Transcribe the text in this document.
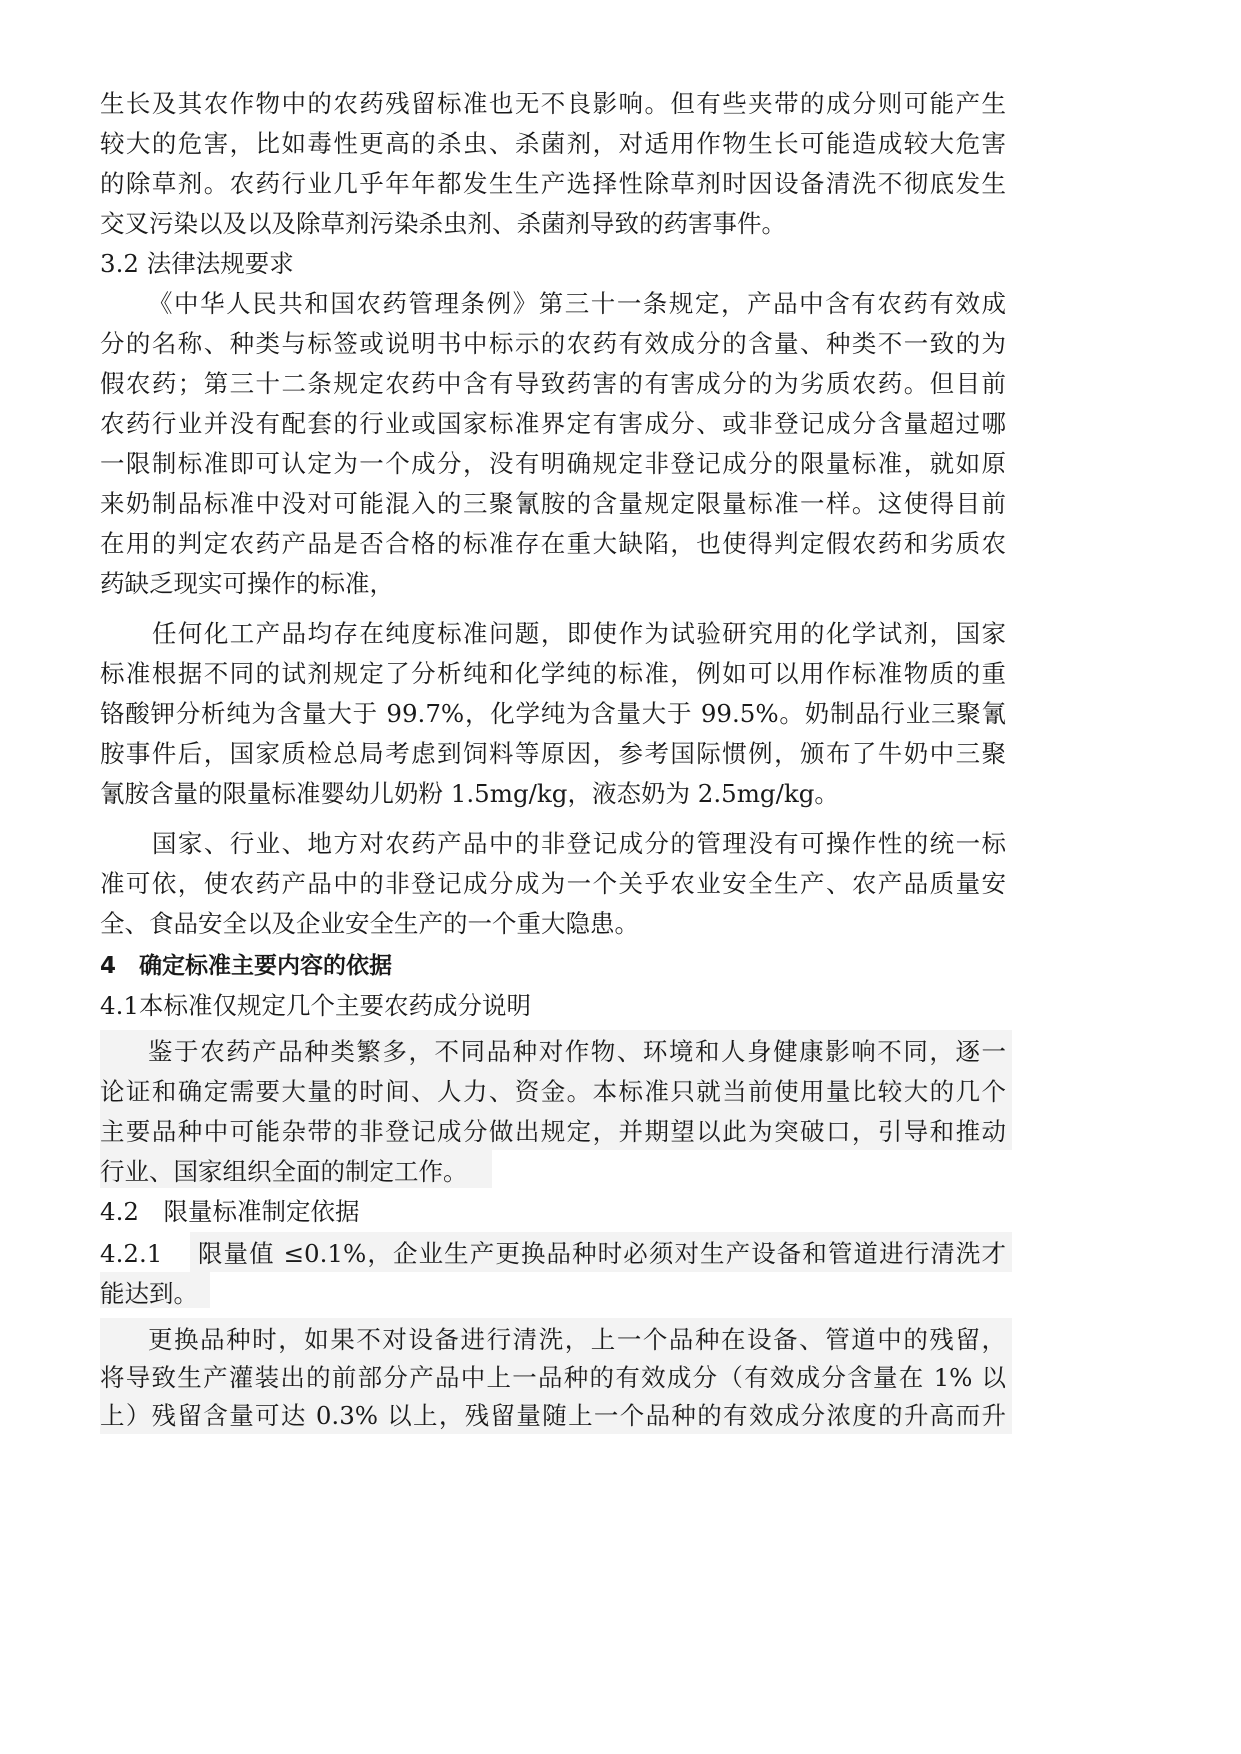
生长及其农作物中的农药残留标准也无不良影响。但有些夹带的成分则可能产生
较大的危害，比如毒性更高的杀虫、杀菌剂，对适用作物生长可能造成较大危害
的除草剂。农药行业几乎年年都发生生产选择性除草剂时因设备清洗不彻底发生
交叉污染以及以及除草剂污染杀虫剂、杀菌剂导致的药害事件。
3.2 法律法规要求
《中华人民共和国农药管理条例》第三十一条规定，产品中含有农药有效成
分的名称、种类与标签或说明书中标示的农药有效成分的含量、种类不一致的为
假农药；第三十二条规定农药中含有导致药害的有害成分的为劣质农药。但目前
农药行业并没有配套的行业或国家标准界定有害成分、或非登记成分含量超过哪
一限制标准即可认定为一个成分，没有明确规定非登记成分的限量标准，就如原
来奶制品标准中没对可能混入的三聚氰胺的含量规定限量标准一样。这使得目前
在用的判定农药产品是否合格的标准存在重大缺陷，也使得判定假农药和劣质农
药缺乏现实可操作的标准，
任何化工产品均存在纯度标准问题，即使作为试验研究用的化学试剂，国家
标准根据不同的试剂规定了分析纯和化学纯的标准，例如可以用作标准物质的重
铬酸钾分析纯为含量大于 99.7%，化学纯为含量大于 99.5%。奶制品行业三聚氰
胺事件后，国家质检总局考虑到饲料等原因，参考国际惯例，颁布了牛奶中三聚
氰胺含量的限量标准婴幼儿奶粉 1.5mg/kg，液态奶为 2.5mg/kg。
国家、行业、地方对农药产品中的非登记成分的管理没有可操作性的统一标
准可依，使农药产品中的非登记成分成为一个关乎农业安全生产、农产品质量安
全、食品安全以及企业安全生产的一个重大隐患。
4　确定标准主要内容的依据
4.1本标准仅规定几个主要农药成分说明
鉴于农药产品种类繁多，不同品种对作物、环境和人身健康影响不同，逐一
论证和确定需要大量的时间、人力、资金。本标准只就当前使用量比较大的几个
主要品种中可能杂带的非登记成分做出规定，并期望以此为突破口，引导和推动
行业、国家组织全面的制定工作。
4.2　限量标准制定依据
4.2.1　 限量值 ≤0.1%，企业生产更换品种时必须对生产设备和管道进行清洗才
能达到。
更换品种时，如果不对设备进行清洗，上一个品种在设备、管道中的残留，
将导致生产灌装出的前部分产品中上一品种的有效成分（有效成分含量在 1% 以
上）残留含量可达 0.3% 以上，残留量随上一个品种的有效成分浓度的升高而升
